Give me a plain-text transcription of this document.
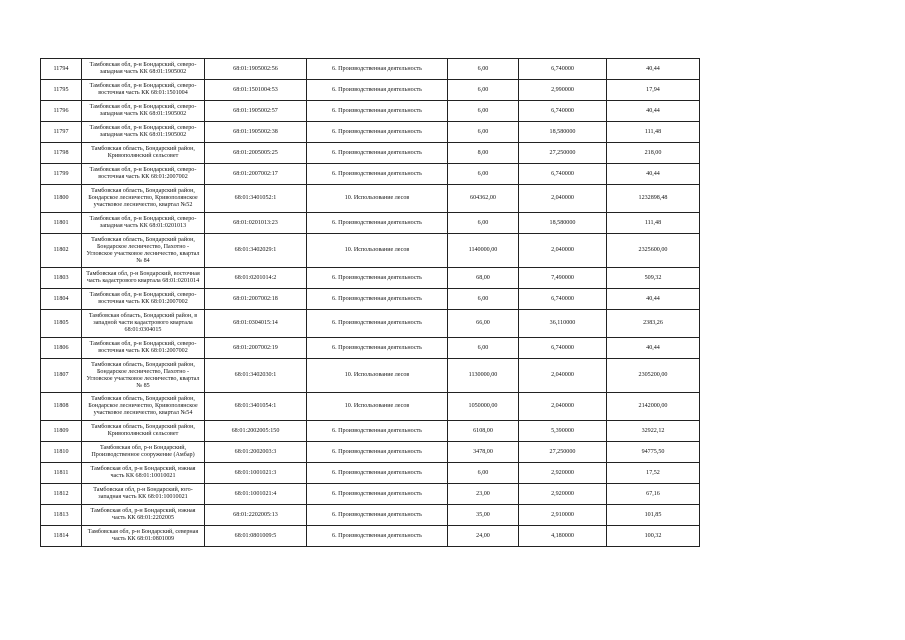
11794	Тамбовская обл, р-н Бондарский, северо-западная часть КК 68:01:1905002	68:01:1905002:56	6. Производственная деятельность	6,00	6,740000	40,44
11795	Тамбовская обл, р-н Бондарский, северо-восточная часть КК 68:01:1501004	68:01:1501004:53	6. Производственная деятельность	6,00	2,990000	17,94
11796	Тамбовская обл, р-н Бондарский, северо-западная часть КК 68:01:1905002	68:01:1905002:57	6. Производственная деятельность	6,00	6,740000	40,44
11797	Тамбовская обл, р-н Бондарский, северо-западная часть КК 68:01:1905002	68:01:1905002:38	6. Производственная деятельность	6,00	18,580000	111,48
11798	Тамбовская область, Бондарский район, Кривополянский сельсовет	68:01:2005005:25	6. Производственная деятельность	8,00	27,250000	218,00
11799	Тамбовская обл, р-н Бондарский, северо-восточная часть КК 68:01:2007002	68:01:2007002:17	6. Производственная деятельность	6,00	6,740000	40,44
11800	Тамбовская область, Бондарский район, Бондарское лесничество, Кривополянское участковое лесничество, квартал №52	68:01:3401052:1	10. Использование лесов	604362,00	2,040000	1232898,48
11801	Тамбовская обл, р-н Бондарский, северо-западная часть КК 68:01:0201013	68:01:0201013:23	6. Производственная деятельность	6,00	18,580000	111,48
11802	Тамбовская область, Бондарский район, Бондарское лесничество, Пахотно - Угловское участковое лесничество, квартал № 84	68:01:3402029:1	10. Использование лесов	1140000,00	2,040000	2325600,00
11803	Тамбовская обл, р-н Бондарский, восточная часть кадастрового квартала 68:01:0201014	68:01:0201014:2	6. Производственная деятельность	68,00	7,490000	509,32
11804	Тамбовская обл, р-н Бондарский, северо-восточная часть КК 68:01:2007002	68:01:2007002:18	6. Производственная деятельность	6,00	6,740000	40,44
11805	Тамбовская область, Бондарский район, в западной части кадастрового квартала 68:01:0304015	68:01:0304015:14	6. Производственная деятельность	66,00	36,110000	2383,26
11806	Тамбовская обл, р-н Бондарский, северо-восточная часть КК 68:01:2007002	68:01:2007002:19	6. Производственная деятельность	6,00	6,740000	40,44
11807	Тамбовская область, Бондарский район, Бондарское лесничество, Пахотно - Угловское участковое лесничество, квартал № 85	68:01:3402030:1	10. Использование лесов	1130000,00	2,040000	2305200,00
11808	Тамбовская область, Бондарский район, Бондарское лесничество, Кривополянское участковое лесничество, квартал №54	68:01:3401054:1	10. Использование лесов	1050000,00	2,040000	2142000,00
11809	Тамбовская область, Бондарский район, Кривополянский сельсовет	68:01:2002005:150	6. Производственная деятельность	6108,00	5,390000	32922,12
11810	Тамбовская обл, р-н Бондарский, Производственное сооружение (Амбар)	68:01:2002003:3	6. Производственная деятельность	3478,00	27,250000	94775,50
11811	Тамбовская обл, р-н Бондарский, южная часть КК 68:01:10010021	68:01:1001021:3	6. Производственная деятельность	6,00	2,920000	17,52
11812	Тамбовская обл, р-н Бондарский, юго-западная часть КК 68:01:10010021	68:01:1001021:4	6. Производственная деятельность	23,00	2,920000	67,16
11813	Тамбовская обл, р-н Бондарский, южная часть КК 68:01:2202005	68:01:2202005:13	6. Производственная деятельность	35,00	2,910000	101,85
11814	Тамбовская обл, р-н Бондарский, северная часть КК 68:01:0801009	68:01:0801009:5	6. Производственная деятельность	24,00	4,180000	100,32
